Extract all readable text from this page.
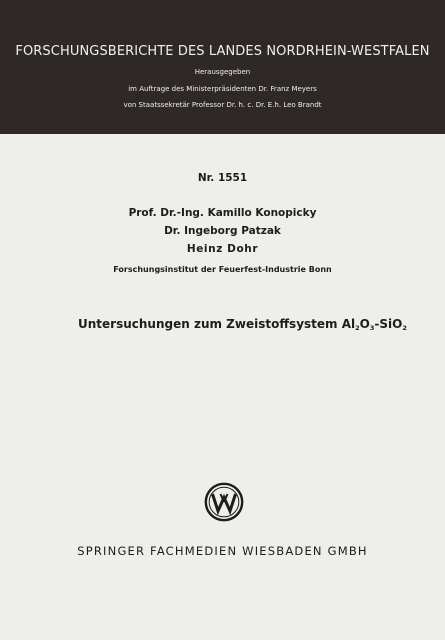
FORSCHUNGSBERICHTE DES LANDES NORDRHEIN-WESTFALEN
Herausgegeben
im Auftrage des Ministerpräsidenten Dr. Franz Meyers
von Staatssekretär Professor Dr. h. c. Dr. E.h. Leo Brandt
Nr. 1551
Prof. Dr.-Ing. Kamillo Konopicky
Dr. Ingeborg Patzak
Heinz Dohr
Forschungsinstitut der Feuerfest-Industrie Bonn
Untersuchungen zum Zweistoffsystem $Al_2O_3-SiO_2$
SPRINGER FACHMEDIEN WIESBADEN GMBH
